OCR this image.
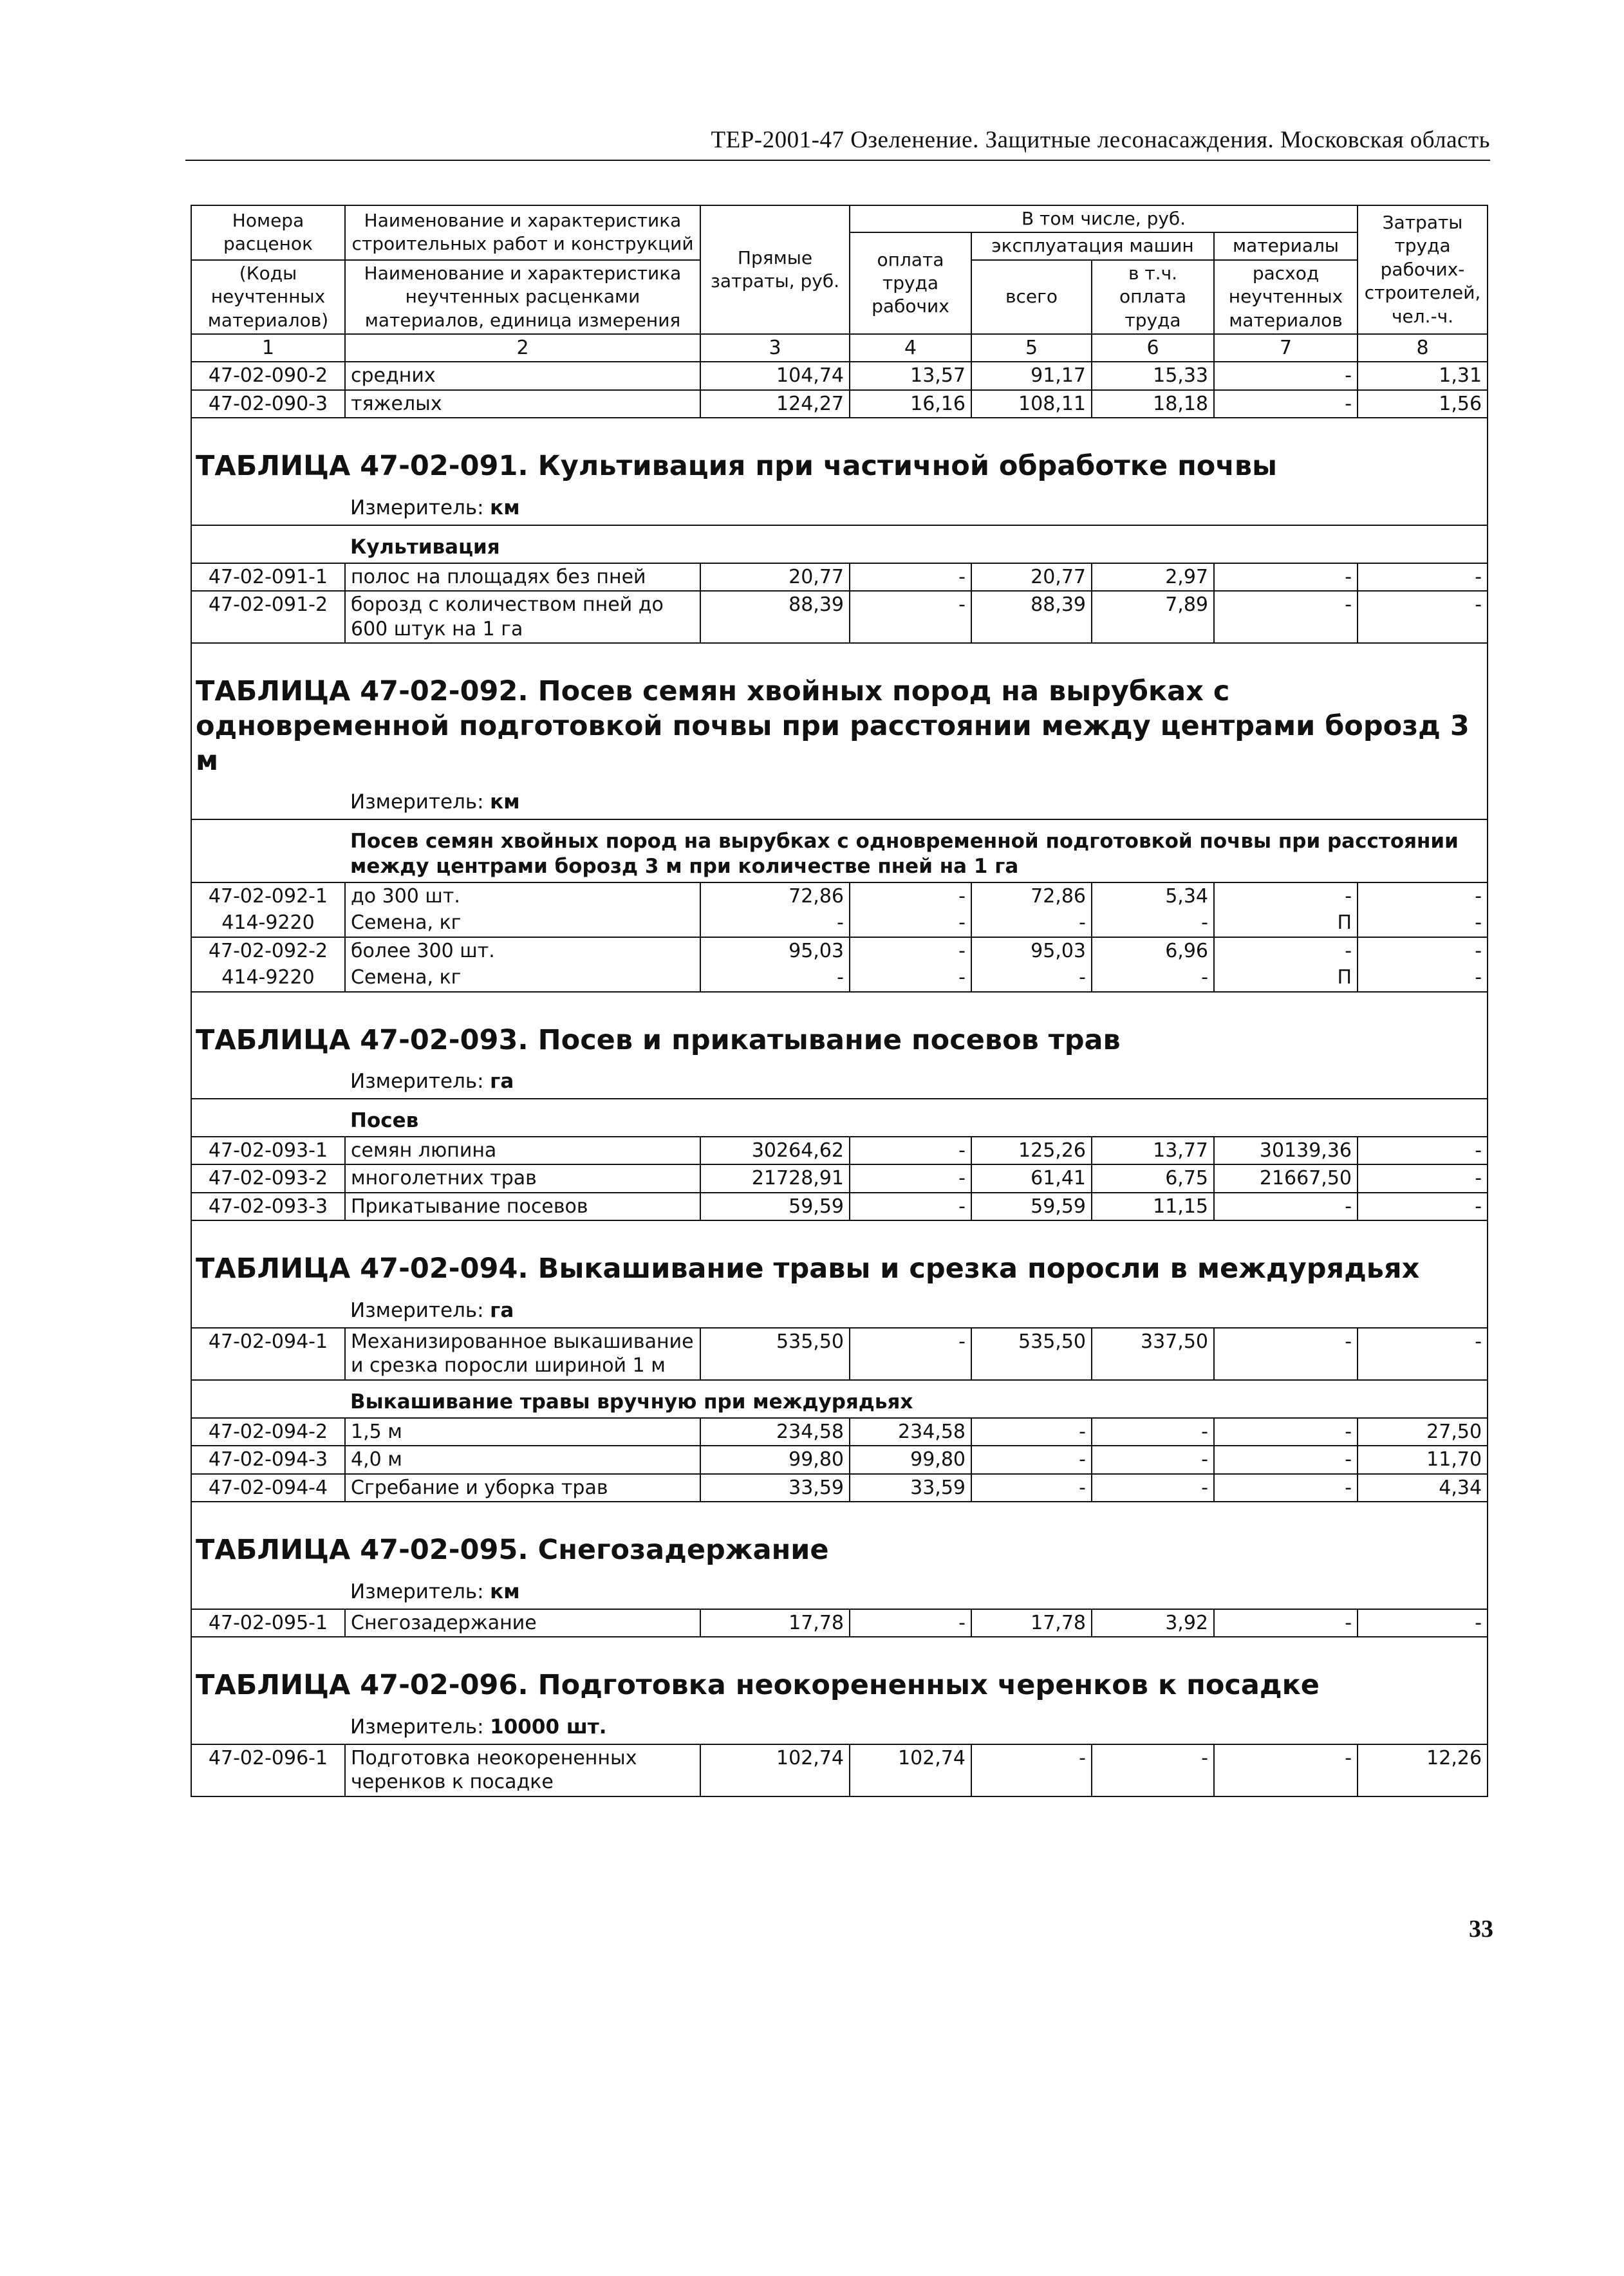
ТЕР-2001-47 Озеленение. Защитные лесонасаждения. Московская область
Номера расценок	Наименование и характеристика строительных работ и конструкций	Прямые затраты, руб.	В том числе, руб.				Затраты труда рабочих-строителей, чел.-ч.
			оплата труда рабочих	эксплуатация машин		материалы	
(Коды неучтенных материалов)	Наименование и характеристика неучтенных расценками материалов, единица измерения			всего	в т.ч. оплата труда	расход неучтенных материалов	

1	2	3	4	5	6	7	8
47-02-090-2	средних	104,74	13,57	91,17	15,33	-	1,31
47-02-090-3	тяжелых	124,27	16,16	108,11	18,18	-	1,56
ТАБЛИЦА 47-02-091. Культивация при частичной обработке почвы							
	Измеритель: км						
	Культивация						
47-02-091-1	полос на площадях без пней	20,77	-	20,77	2,97	-	-
47-02-091-2	борозд с количеством пней до 600 штук на 1 га	88,39	-	88,39	7,89	-	-
ТАБЛИЦА 47-02-092. Посев семян хвойных пород на вырубках с одновременной подготовкой почвы при расстоянии между центрами борозд 3 м							
	Измеритель: км						
	Посев семян хвойных пород на вырубках с одновременной подготовкой почвы при расстоянии между центрами борозд 3 м при количестве пней на 1 га						
47-02-092-1	до 300 шт.	72,86	-	72,86	5,34	-	-
414-9220	Семена, кг	-	-	-	-	П	-
47-02-092-2	более 300 шт.	95,03	-	95,03	6,96	-	-
414-9220	Семена, кг	-	-	-	-	П	-
ТАБЛИЦА 47-02-093. Посев и прикатывание посевов трав							
	Измеритель: га						
	Посев						
47-02-093-1	семян люпина	30264,62	-	125,26	13,77	30139,36	-
47-02-093-2	многолетних трав	21728,91	-	61,41	6,75	21667,50	-
47-02-093-3	Прикатывание посевов	59,59	-	59,59	11,15	-	-
ТАБЛИЦА 47-02-094. Выкашивание травы и срезка поросли в междурядьях							
	Измеритель: га						
47-02-094-1	Механизированное выкашивание и срезка поросли шириной 1 м	535,50	-	535,50	337,50	-	-
	Выкашивание травы вручную при междурядьях						
47-02-094-2	1,5 м	234,58	234,58	-	-	-	27,50
47-02-094-3	4,0 м	99,80	99,80	-	-	-	11,70
47-02-094-4	Сгребание и уборка трав	33,59	33,59	-	-	-	4,34
ТАБЛИЦА 47-02-095. Снегозадержание							
	Измеритель: км						
47-02-095-1	Снегозадержание	17,78	-	17,78	3,92	-	-
ТАБЛИЦА 47-02-096. Подготовка неокорененных черенков к посадке							
	Измеритель: 10000 шт.						
47-02-096-1	Подготовка неокорененных черенков к посадке	102,74	102,74	-	-	-	12,26
33
